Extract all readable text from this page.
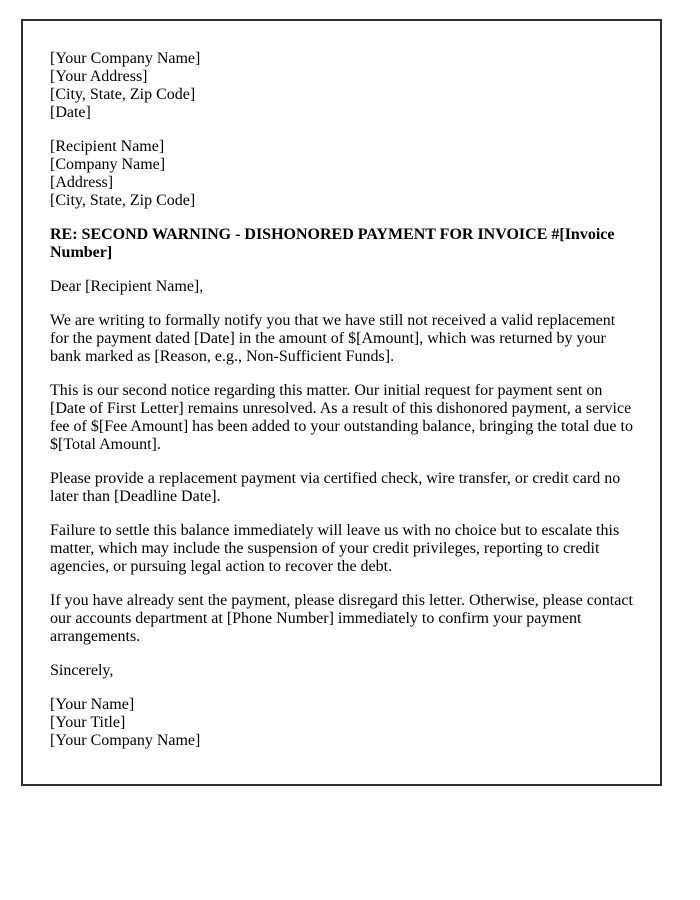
[Your Company Name]
[Your Address]
[City, State, Zip Code]
[Date]
[Recipient Name]
[Company Name]
[Address]
[City, State, Zip Code]

RE: SECOND WARNING - DISHONORED PAYMENT FOR INVOICE #[Invoice Number]

Dear [Recipient Name],

We are writing to formally notify you that we have still not received a valid replacement for the payment dated [Date] in the amount of $[Amount], which was returned by your bank marked as [Reason, e.g., Non-Sufficient Funds].

This is our second notice regarding this matter. Our initial request for payment sent on [Date of First Letter] remains unresolved. As a result of this dishonored payment, a service fee of $[Fee Amount] has been added to your outstanding balance, bringing the total due to $[Total Amount].

Please provide a replacement payment via certified check, wire transfer, or credit card no later than [Deadline Date].

Failure to settle this balance immediately will leave us with no choice but to escalate this matter, which may include the suspension of your credit privileges, reporting to credit agencies, or pursuing legal action to recover the debt.

If you have already sent the payment, please disregard this letter. Otherwise, please contact our accounts department at [Phone Number] immediately to confirm your payment arrangements.

Sincerely,

[Your Name]
[Your Title]
[Your Company Name]
